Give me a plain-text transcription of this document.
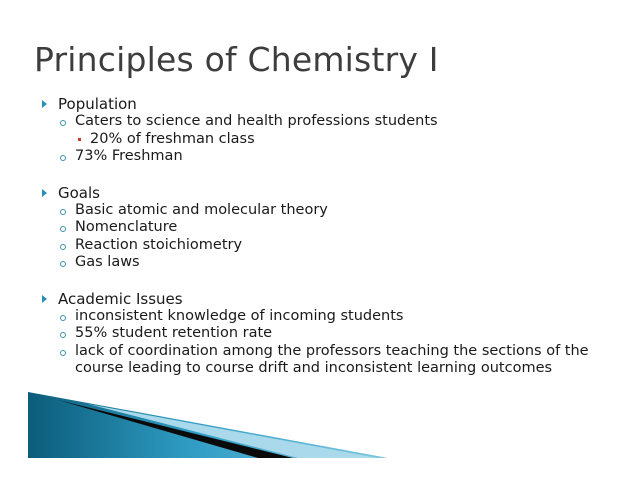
Principles of Chemistry I
Population
Caters to science and health professions students
20% of freshman class
73% Freshman
Goals
Basic atomic and molecular theory
Nomenclature
Reaction stoichiometry
Gas laws
Academic Issues
inconsistent knowledge of incoming students
55% student retention rate
lack of coordination among the professors teaching the sections of the course leading to course drift and inconsistent learning outcomes
